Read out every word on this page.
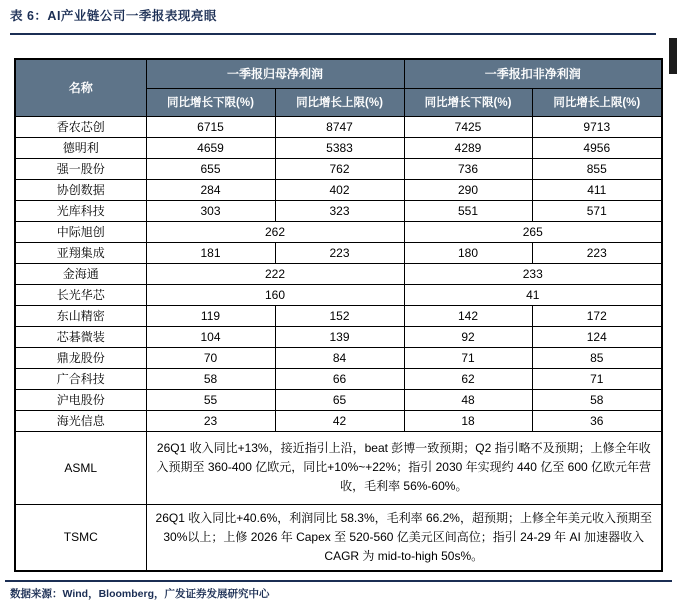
表 6：AI产业链公司一季报表现亮眼
名称	一季报归母净利润		一季报扣非净利润	
	同比增长下限(%)	同比增长上限(%)	同比增长下限(%)	同比增长上限(%)
香农芯创	6715	8747	7425	9713
德明利	4659	5383	4289	4956
强一股份	655	762	736	855
协创数据	284	402	290	411
光库科技	303	323	551	571
中际旭创	262		265	
亚翔集成	181	223	180	223
金海通	222		233	
长光华芯	160		41	
东山精密	119	152	142	172
芯碁微装	104	139	92	124
鼎龙股份	70	84	71	85
广合科技	58	66	62	71
沪电股份	55	65	48	58
海光信息	23	42	18	36
ASML	26Q1 收入同比+13%，接近指引上沿，beat 彭博一致预期；Q2 指引略不及预期；上修全年收入预期至 360-400 亿欧元，同比+10%~+22%；指引 2030 年实现约 440 亿至 600 亿欧元年营收，毛利率 56%-60%。			
TSMC	26Q1 收入同比+40.6%，利润同比 58.3%，毛利率 66.2%，超预期；上修全年美元收入预期至 30%以上；上修 2026 年 Capex 至 520-560 亿美元区间高位；指引 24-29 年 AI 加速器收入 CAGR 为 mid-to-high 50s%。			
数据来源：Wind，Bloomberg，广发证券发展研究中心
